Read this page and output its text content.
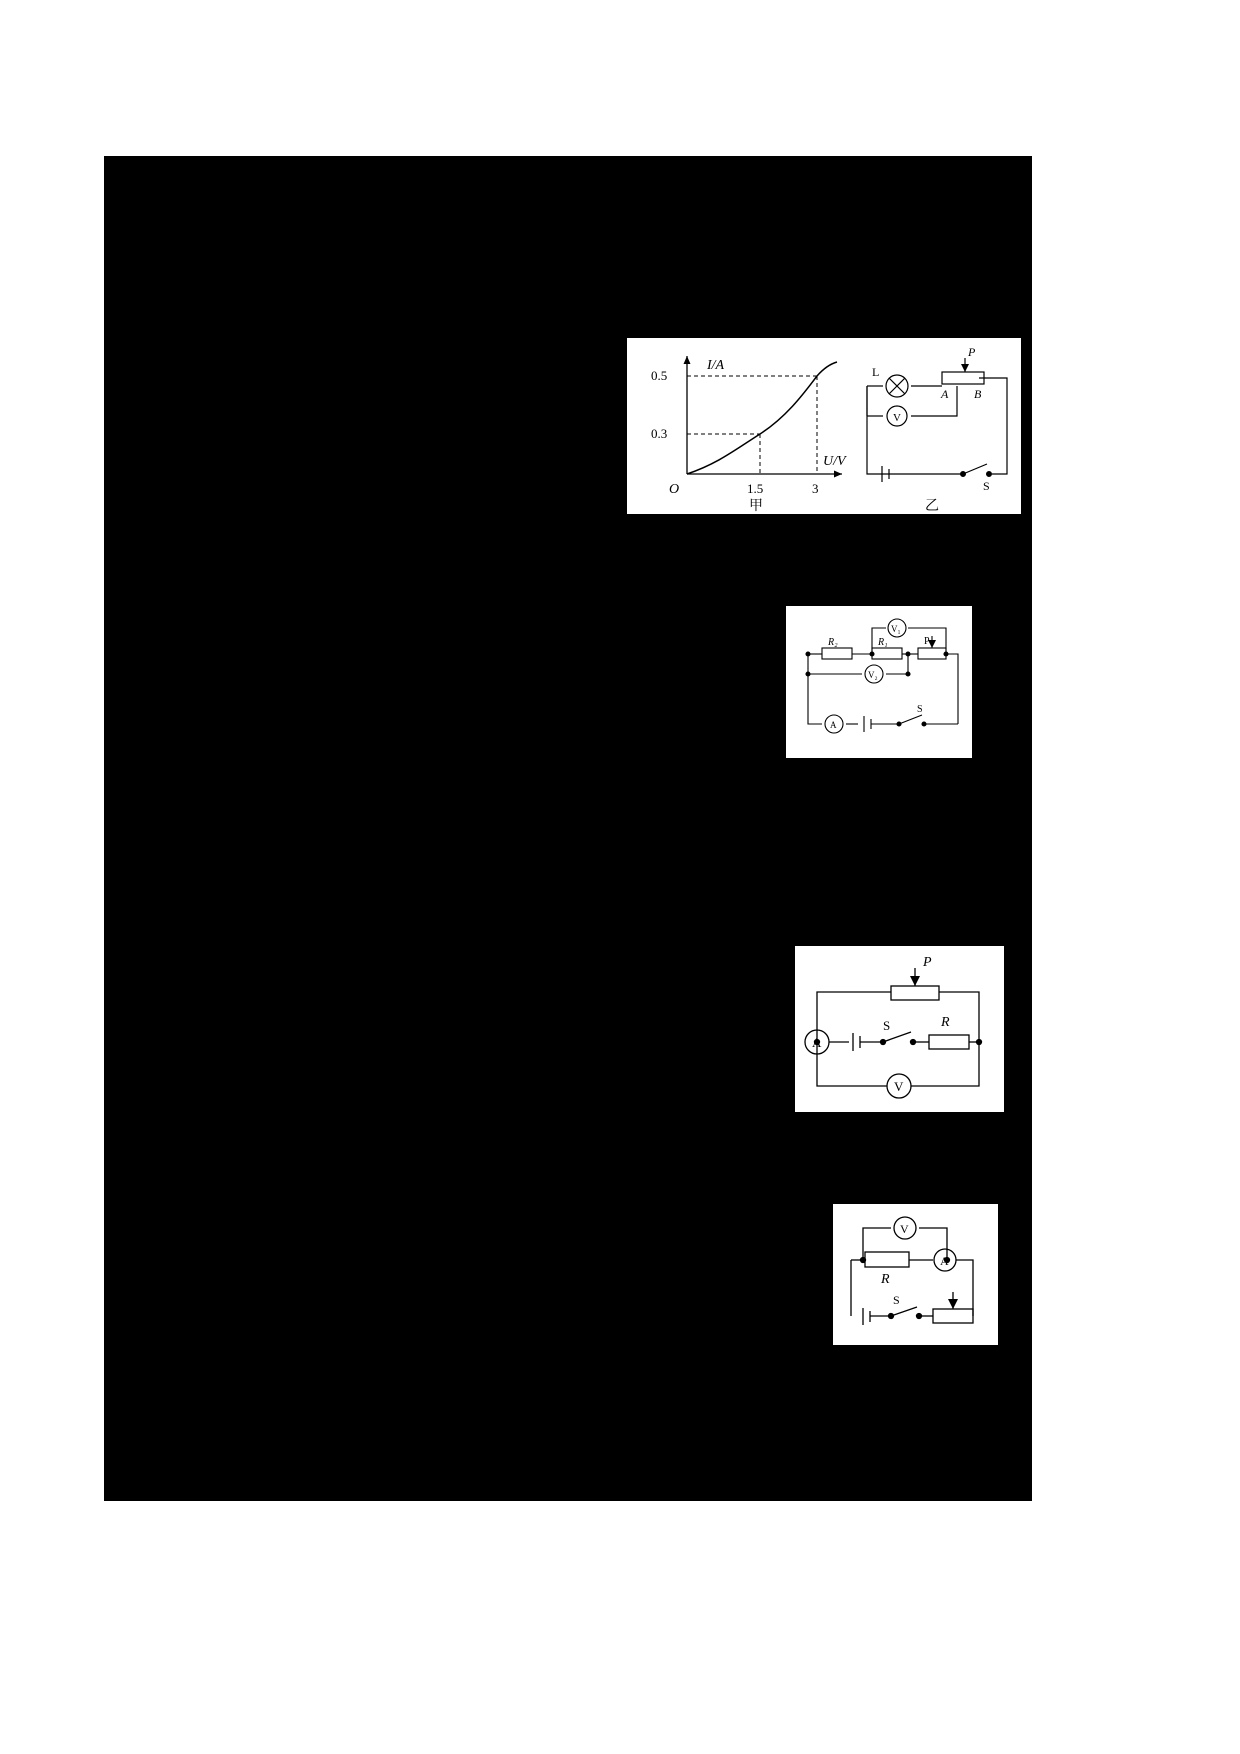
0.5
0.3
I/A
U/V
O	1.5	3
甲
L
V
P
A B
S
乙
V₁
V₂
R₂	R₁	P
A
S
P
A
S	R
V
V
R
A
S
